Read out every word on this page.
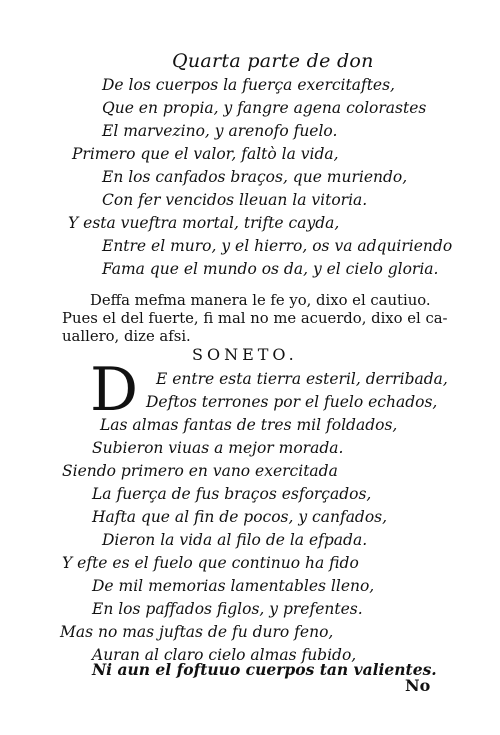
Quarta parte de don
De los cuerpos la fuerça exercitaftes,
Que en propia, y fangre agena colorastes
El marvezino, y arenofo fuelo.
Primero que el valor, faltò la vida,
En los canfados braços, que muriendo,
Con fer vencidos lleuan la vitoria.
Y esta vueftra mortal, trifte cayda,
Entre el muro, y el hierro, os va adquiriendo
Fama que el mundo os da, y el cielo gloria.
Deffa mefma manera le fe yo, dixo el cautiuo.
Pues el del fuerte, fi mal no me acuerdo, dixo el ca-
uallero, dize afsi.
SONETO.
D E entre esta tierra esteril, derribada,
Deftos terrones por el fuelo echados,
Las almas fantas de tres mil foldados,
Subieron viuas a mejor morada.
Siendo primero en vano exercitada
La fuerça de fus braços esforçados,
Hafta que al fin de pocos, y canfados,
Dieron la vida al filo de la efpada.
Y efte es el fuelo que continuo ha fido
De mil memorias lamentables lleno,
En los paffados figlos, y prefentes.
Mas no mas juftas de fu duro feno,
Auran al claro cielo almas fubido,
Ni aun el foftuuo cuerpos tan valientes.
No
